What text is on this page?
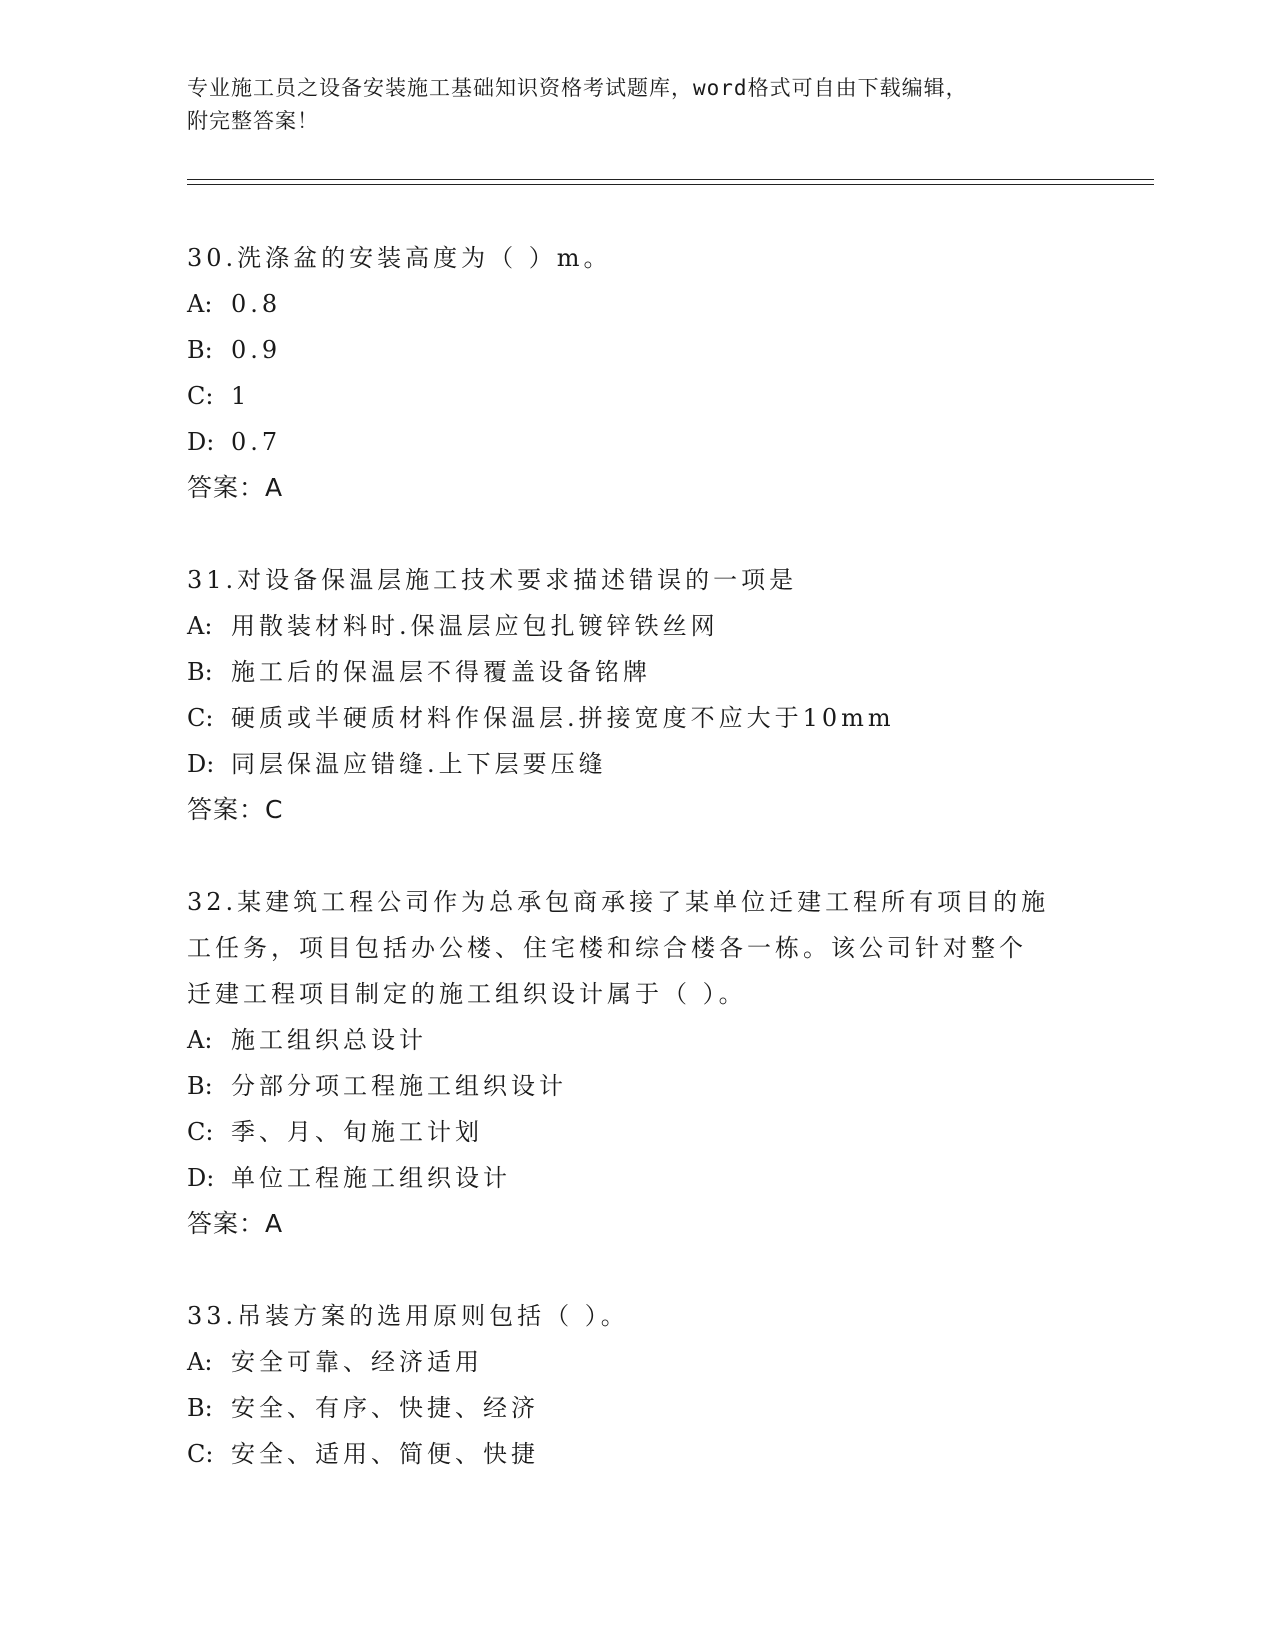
专业施工员之设备安装施工基础知识资格考试题库，word格式可自由下载编辑，
附完整答案！
30.洗涤盆的安装高度为（ ）m。
A: 0.8
B: 0.9
C: 1
D: 0.7
答案：A
31.对设备保温层施工技术要求描述错误的一项是
A: 用散装材料时.保温层应包扎镀锌铁丝网
B: 施工后的保温层不得覆盖设备铭牌
C: 硬质或半硬质材料作保温层.拼接宽度不应大于10mm
D: 同层保温应错缝.上下层要压缝
答案：C
32.某建筑工程公司作为总承包商承接了某单位迁建工程所有项目的施
工任务，项目包括办公楼、住宅楼和综合楼各一栋。该公司针对整个
迁建工程项目制定的施工组织设计属于（ ）。
A: 施工组织总设计
B: 分部分项工程施工组织设计
C: 季、月、旬施工计划
D: 单位工程施工组织设计
答案：A
33.吊装方案的选用原则包括（ ）。
A: 安全可靠、经济适用
B: 安全、有序、快捷、经济
C: 安全、适用、简便、快捷
